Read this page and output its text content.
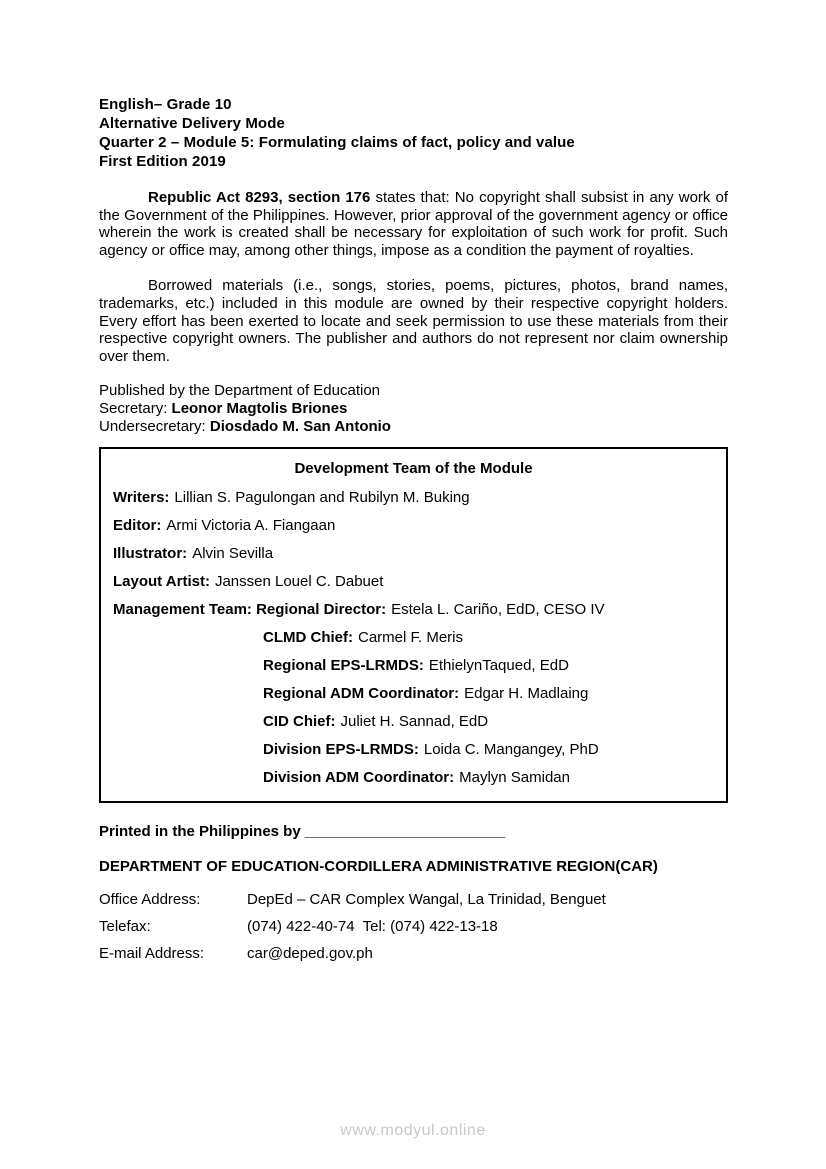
English– Grade 10
Alternative Delivery Mode
Quarter 2 – Module 5: Formulating claims of fact, policy and value
First Edition 2019

Republic Act 8293, section 176 states that: No copyright shall subsist in any work of the Government of the Philippines. However, prior approval of the government agency or office wherein the work is created shall be necessary for exploitation of such work for profit. Such agency or office may, among other things, impose as a condition the payment of royalties.

Borrowed materials (i.e., songs, stories, poems, pictures, photos, brand names, trademarks, etc.) included in this module are owned by their respective copyright holders. Every effort has been exerted to locate and seek permission to use these materials from their respective copyright owners. The publisher and authors do not represent nor claim ownership over them.

Published by the Department of Education
Secretary: Leonor Magtolis Briones
Undersecretary: Diosdado M. San Antonio
Development Team of the Module
Writers: Lillian S. Pagulongan and Rubilyn M. Buking
Editor: Armi Victoria A. Fiangaan
Illustrator: Alvin Sevilla
Layout Artist: Janssen Louel C. Dabuet
Management Team: Regional Director: Estela L. Cariño, EdD, CESO IV
CLMD Chief: Carmel F. Meris
Regional EPS-LRMDS: EthielynTaqued, EdD
Regional ADM Coordinator: Edgar H. Madlaing
CID Chief: Juliet H. Sannad, EdD
Division EPS-LRMDS: Loida C. Mangangey, PhD
Division ADM Coordinator: Maylyn Samidan
Printed in the Philippines by ________________________
DEPARTMENT OF EDUCATION-CORDILLERA ADMINISTRATIVE REGION(CAR)
Office Address:	DepEd – CAR Complex Wangal, La Trinidad, Benguet
Telefax:	(074) 422-40-74  Tel: (074) 422-13-18
E-mail Address:	car@deped.gov.ph
www.modyul.online
